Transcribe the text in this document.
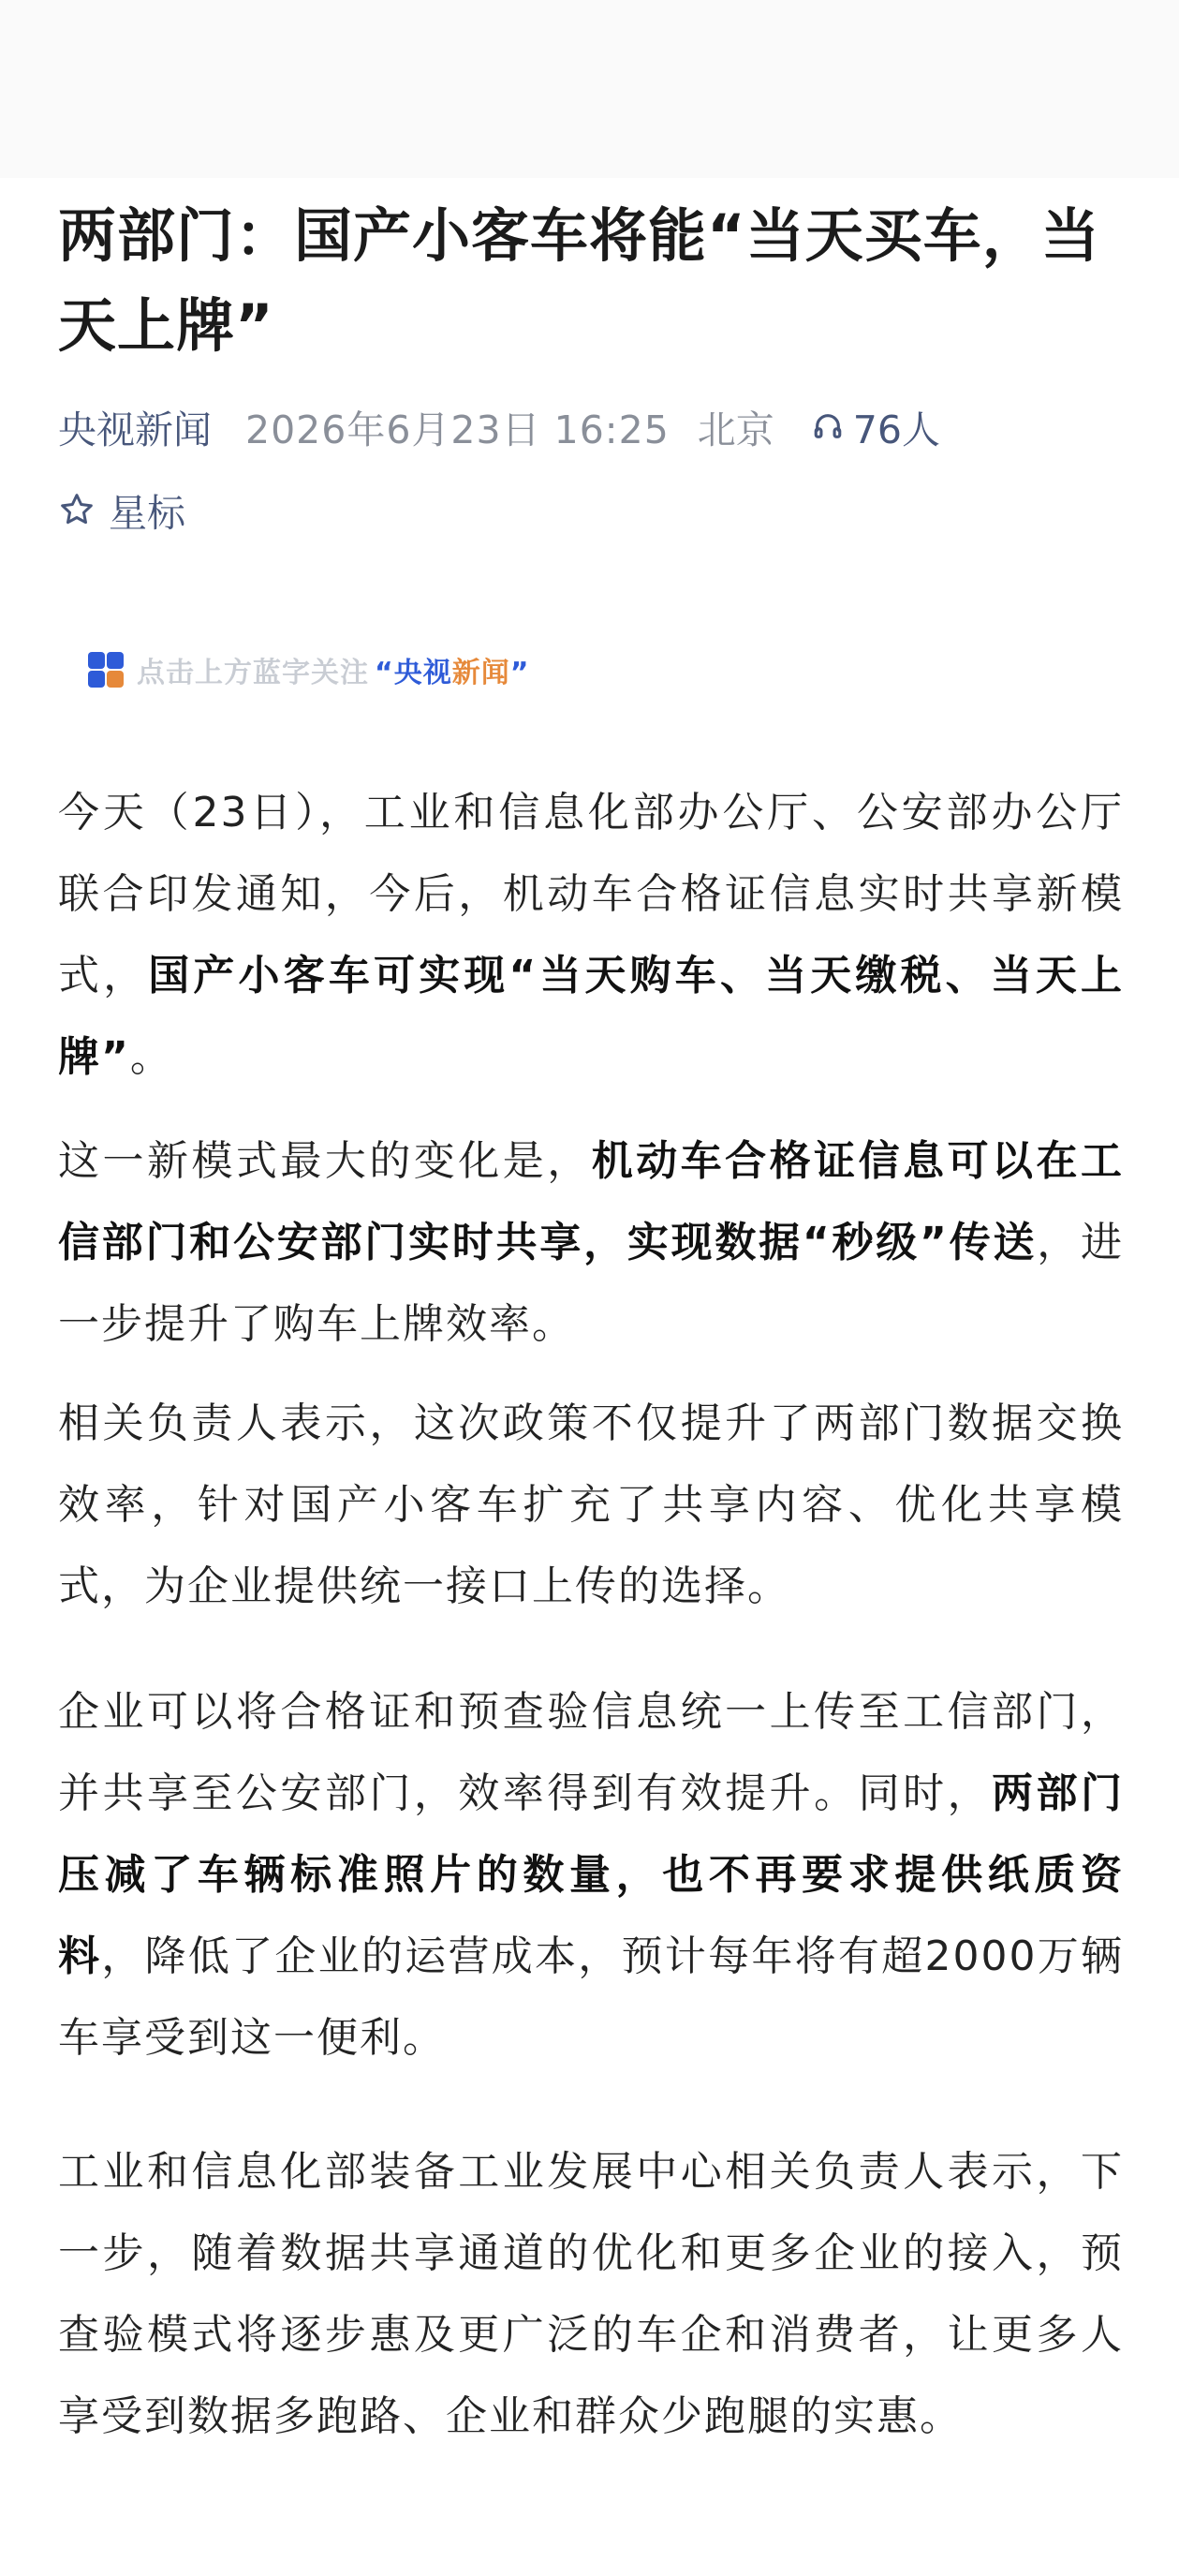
两部门：国产小客车将能“当天买车，当天上牌”
央视新闻 2026年6月23日 16:25 北京 76人
星标
点击上方蓝字关注 “央视新闻”

今天（23日），工业和信息化部办公厅、公安部办公厅联合印发通知，今后，机动车合格证信息实时共享新模式，国产小客车可实现“当天购车、当天缴税、当天上牌”。

这一新模式最大的变化是，机动车合格证信息可以在工信部门和公安部门实时共享，实现数据“秒级”传送，进一步提升了购车上牌效率。

相关负责人表示，这次政策不仅提升了两部门数据交换效率，针对国产小客车扩充了共享内容、优化共享模式，为企业提供统一接口上传的选择。

企业可以将合格证和预查验信息统一上传至工信部门，并共享至公安部门，效率得到有效提升。同时，两部门压减了车辆标准照片的数量，也不再要求提供纸质资料，降低了企业的运营成本，预计每年将有超2000万辆车享受到这一便利。

工业和信息化部装备工业发展中心相关负责人表示，下一步，随着数据共享通道的优化和更多企业的接入，预查验模式将逐步惠及更广泛的车企和消费者，让更多人享受到数据多跑路、企业和群众少跑腿的实惠。
